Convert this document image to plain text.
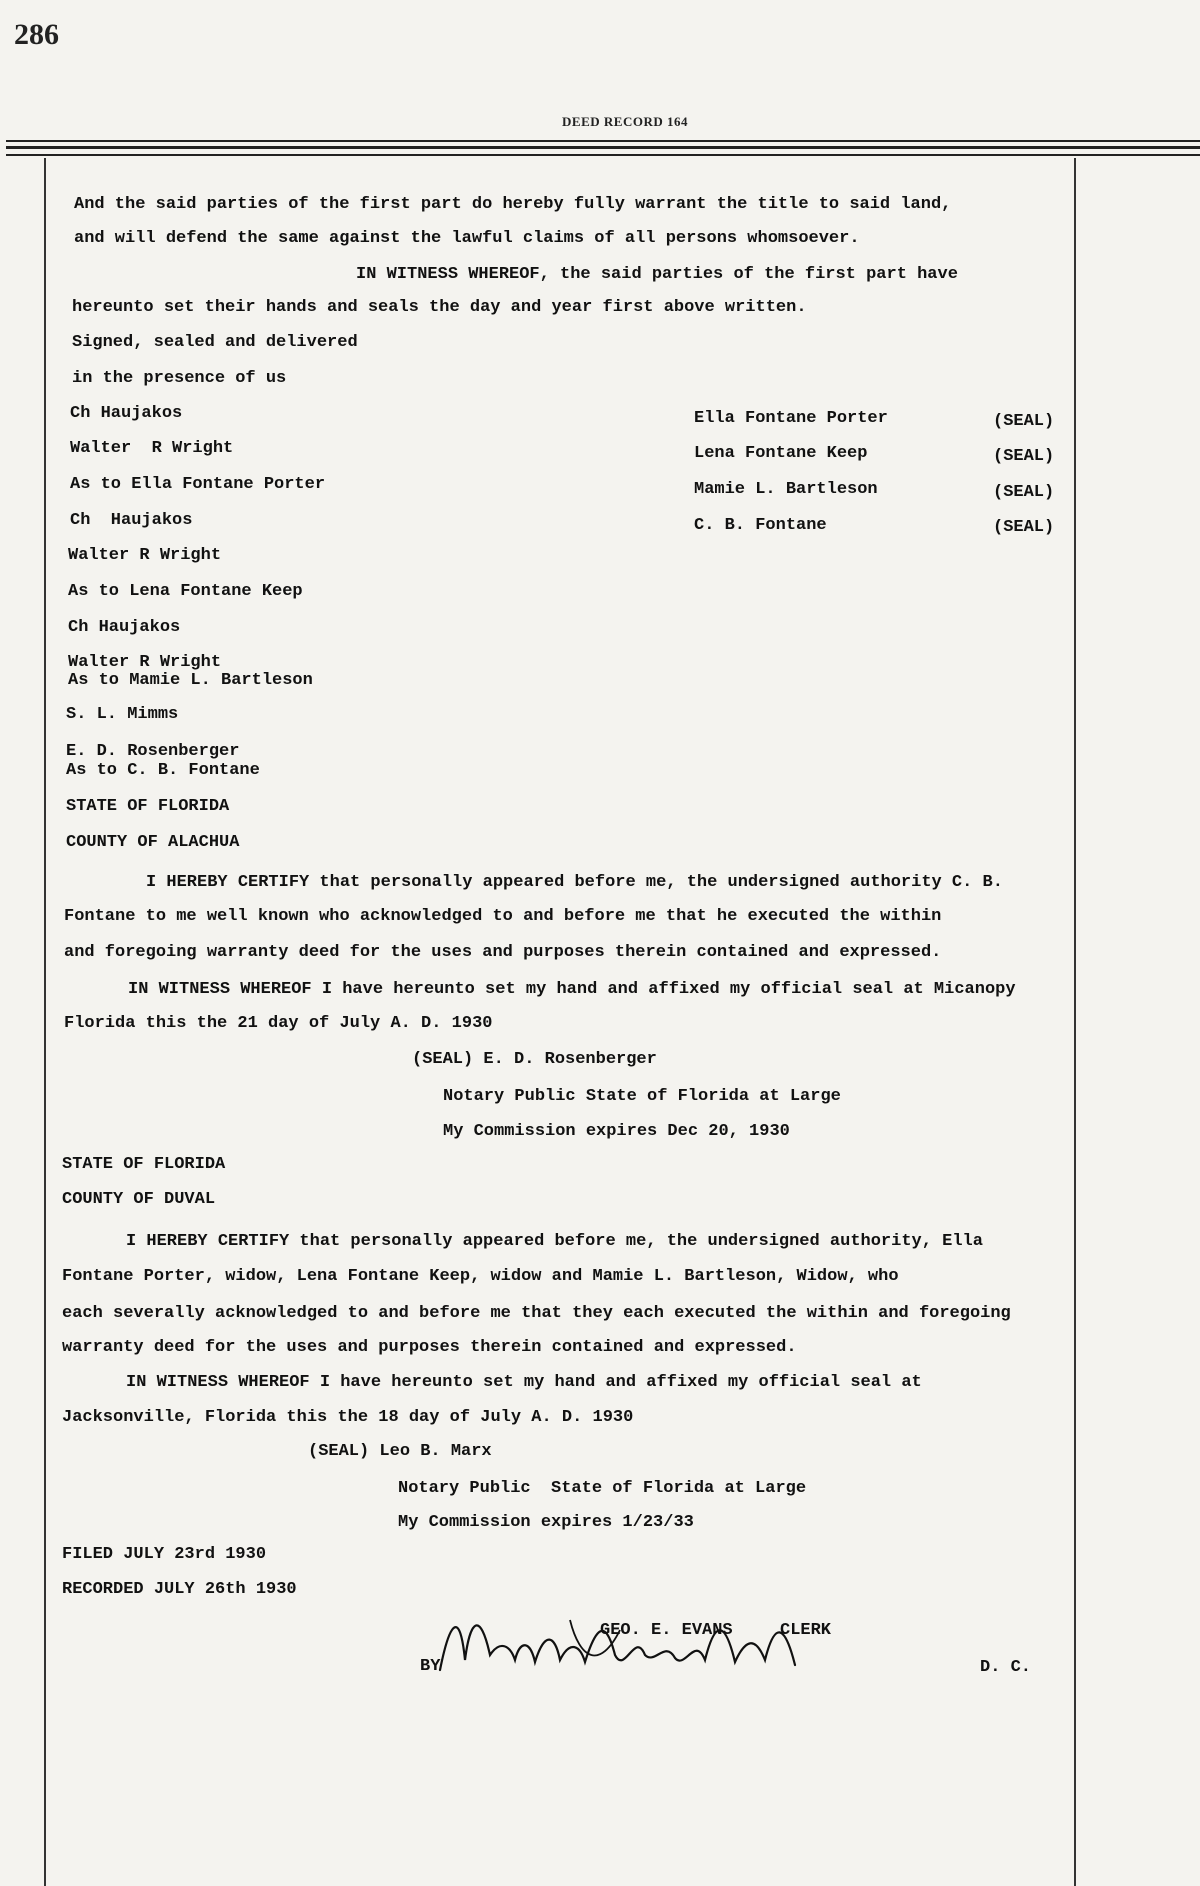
286
DEED RECORD 164
And the said parties of the first part do hereby fully warrant the title to said land,
and will defend the same against the lawful claims of all persons whomsoever.
IN WITNESS WHEREOF, the said parties of the first part have
hereunto set their hands and seals the day and year first above written.
Signed, sealed and delivered
in the presence of us
Ch Haujakos
Walter  R Wright
As to Ella Fontane Porter
Ch  Haujakos
Walter R Wright
As to Lena Fontane Keep
Ch Haujakos
Walter R Wright
As to Mamie L. Bartleson
S. L. Mimms
E. D. Rosenberger
As to C. B. Fontane
Ella Fontane Porter	(SEAL)
Lena Fontane Keep	(SEAL)
Mamie L. Bartleson	(SEAL)
C. B. Fontane	(SEAL)
STATE OF FLORIDA
COUNTY OF ALACHUA
I HEREBY CERTIFY that personally appeared before me, the undersigned authority C. B.
Fontane to me well known who acknowledged to and before me that he executed the within
and foregoing warranty deed for the uses and purposes therein contained and expressed.
IN WITNESS WHEREOF I have hereunto set my hand and affixed my official seal at Micanopy
Florida this the 21 day of July A. D. 1930
(SEAL) E. D. Rosenberger
Notary Public State of Florida at Large
My Commission expires Dec 20, 1930
STATE OF FLORIDA
COUNTY OF DUVAL
I HEREBY CERTIFY that personally appeared before me, the undersigned authority, Ella
Fontane Porter, widow, Lena Fontane Keep, widow and Mamie L. Bartleson, Widow, who
each severally acknowledged to and before me that they each executed the within and foregoing
warranty deed for the uses and purposes therein contained and expressed.
IN WITNESS WHEREOF I have hereunto set my hand and affixed my official seal at
Jacksonville, Florida this the 18 day of July A. D. 1930
(SEAL) Leo B. Marx
Notary Public  State of Florida at Large
My Commission expires 1/23/33
FILED JULY 23rd 1930
RECORDED JULY 26th 1930
GEO. E. EVANS	CLERK
BY	D. C.
